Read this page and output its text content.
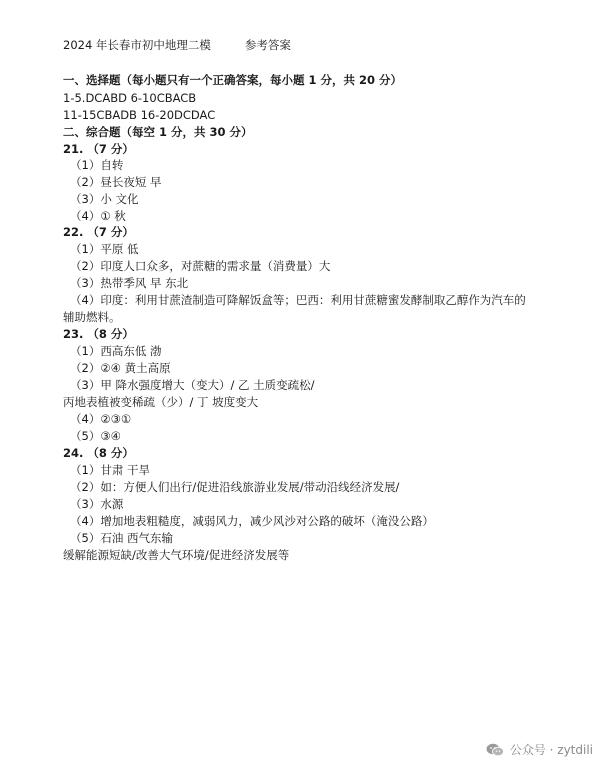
2024 年长春市初中地理二模	参考答案
一、选择题（每小题只有一个正确答案，每小题 1 分，共 20 分）
1-5.DCABD 6-10CBACB
11-15CBADB 16-20DCDAC
二、综合题（每空 1 分，共 30 分）
21. （7 分）
（1）自转
（2）昼长夜短 早
（3）小 文化
（4）① 秋
22. （7 分）
（1）平原 低
（2）印度人口众多，对蔗糖的需求量（消费量）大
（3）热带季风 早 东北
（4）印度：利用甘蔗渣制造可降解饭盒等；巴西：利用甘蔗糖蜜发酵制取乙醇作为汽车的
辅助燃料。
23. （8 分）
（1）西高东低 渤
（2）②④ 黄土高原
（3）甲 降水强度增大（变大）/ 乙 土质变疏松/
丙地表植被变稀疏（少）/ 丁 坡度变大
（4）②③①
（5）③④
24. （8 分）
（1）甘肃 干旱
（2）如：方便人们出行/促进沿线旅游业发展/带动沿线经济发展/
（3）水源
（4）增加地表粗糙度，减弱风力，减少风沙对公路的破坏（淹没公路）
（5）石油 西气东输
缓解能源短缺/改善大气环境/促进经济发展等
公众号 · zytdili
